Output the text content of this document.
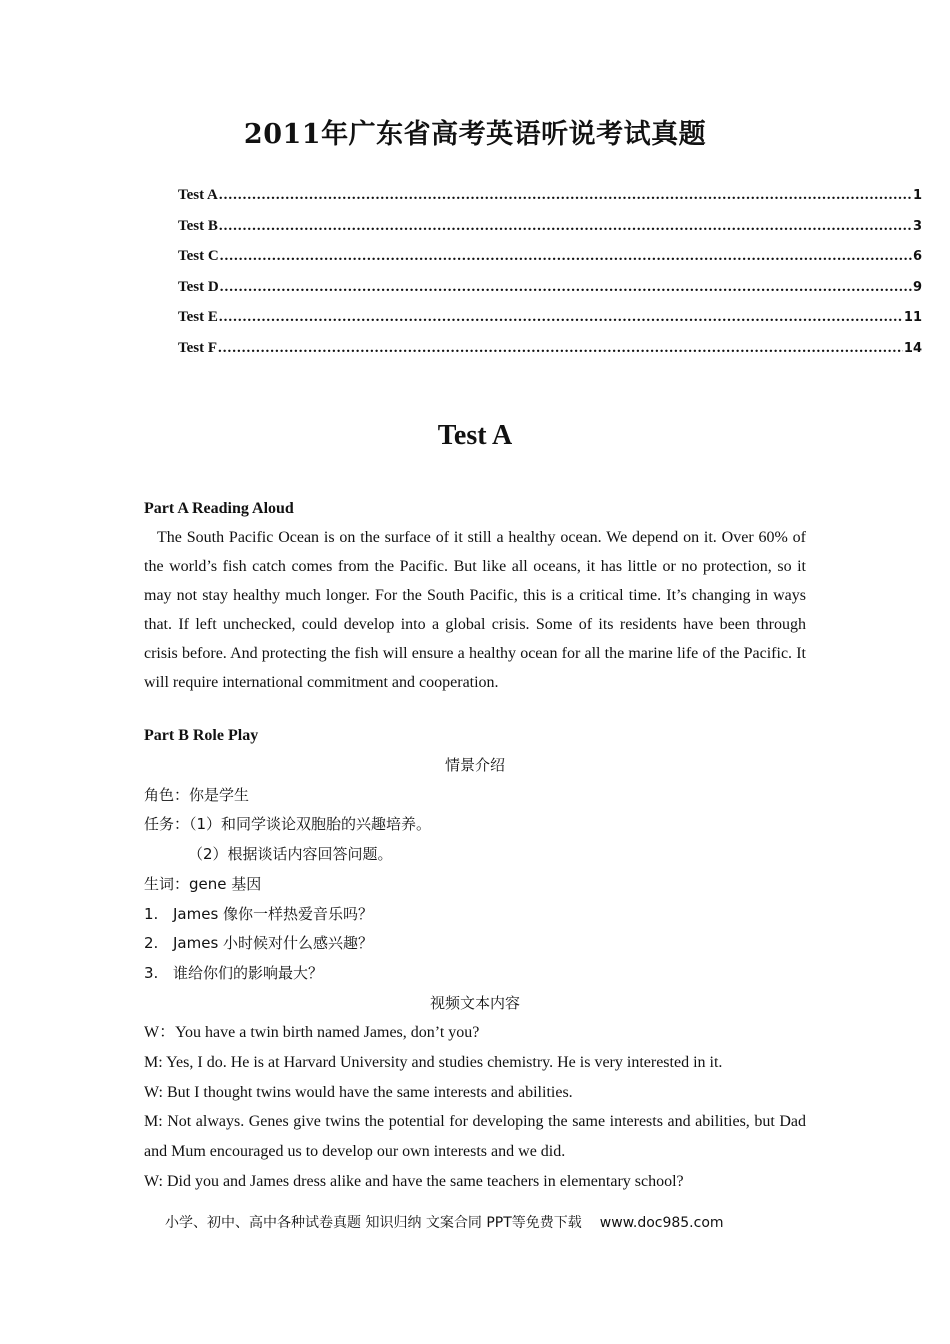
2011年广东省高考英语听说考试真题
Test A .....	1
Test B .....	3
Test C .....	6
Test D .....	9
Test E .....	11
Test F .....	14
Test A
Part A Reading Aloud

The South Pacific Ocean is on the surface of it still a healthy ocean. We depend on it. Over 60% of the world’s fish catch comes from the Pacific. But like all oceans, it has little or no protection, so it may not stay healthy much longer. For the South Pacific, this is a critical time. It’s changing in ways that. If left unchecked, could develop into a global crisis. Some of its residents have been through crisis before. And protecting the fish will ensure a healthy ocean for all the marine life of the Pacific. It will require international commitment and cooperation.

Part B Role Play
情景介绍
角色：你是学生
任务：（1）和同学谈论双胞胎的兴趣培养。
（2）根据谈话内容回答问题。
生词：gene 基因
1. James 像你一样热爱音乐吗？
2. James 小时候对什么感兴趣？
3. 谁给你们的影响最大？
视频文本内容
W：You have a twin birth named James, don’t you?
M: Yes, I do. He is at Harvard University and studies chemistry. He is very interested in it.
W: But I thought twins would have the same interests and abilities.
M: Not always. Genes give twins the potential for developing the same interests and abilities, but Dad and Mum encouraged us to develop our own interests and we did.
W: Did you and James dress alike and have the same teachers in elementary school?
小学、初中、高中各种试卷真题 知识归纳 文案合同 PPT等免费下载 www.doc985.com
